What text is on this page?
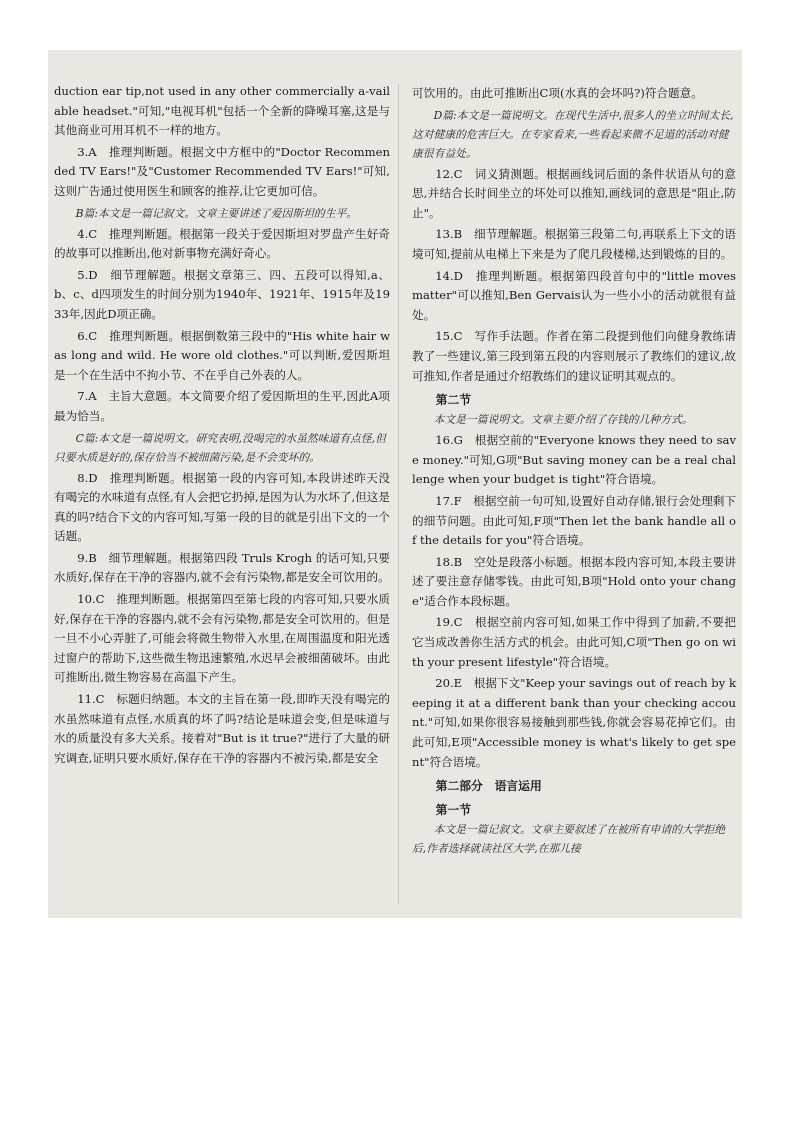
duction ear tip,not used in any other commercially a-vailable headset."可知,"电视耳机"包括一个全新的降噪耳塞,这是与其他商业可用耳机不一样的地方。
3.A　推理判断题。根据文中方框中的"Doctor Recommended TV Ears!"及"Customer Recommended TV Ears!"可知,这则广告通过使用医生和顾客的推荐,让它更加可信。
B篇:本文是一篇记叙文。文章主要讲述了爱因斯坦的生平。
4.C　推理判断题。根据第一段关于爱因斯坦对罗盘产生好奇的故事可以推断出,他对新事物充满好奇心。
5.D　细节理解题。根据文章第三、四、五段可以得知,a、b、c、d四项发生的时间分别为1940年、1921年、1915年及1933年,因此D项正确。
6.C　推理判断题。根据倒数第三段中的"His white hair was long and wild. He wore old clothes."可以判断,爱因斯坦是一个在生活中不拘小节、不在乎自己外表的人。
7.A　主旨大意题。本文简要介绍了爱因斯坦的生平,因此A项最为恰当。
C篇:本文是一篇说明文。研究表明,没喝完的水虽然味道有点怪,但只要水质是好的,保存恰当不被细菌污染,是不会变坏的。
8.D　推理判断题。根据第一段的内容可知,本段讲述昨天没有喝完的水味道有点怪,有人会把它扔掉,是因为认为水坏了,但这是真的吗?结合下文的内容可知,写第一段的目的就是引出下文的一个话题。
9.B　细节理解题。根据第四段 Truls Krogh 的话可知,只要水质好,保存在干净的容器内,就不会有污染物,都是安全可饮用的。
10.C　推理判断题。根据第四至第七段的内容可知,只要水质好,保存在干净的容器内,就不会有污染物,都是安全可饮用的。但是一旦不小心弄脏了,可能会将微生物带入水里,在周围温度和阳光透过窗户的帮助下,这些微生物迅速繁殖,水迟早会被细菌破坏。由此可推断出,微生物容易在高温下产生。
11.C　标题归纳题。本文的主旨在第一段,即昨天没有喝完的水虽然味道有点怪,水质真的坏了吗?结论是味道会变,但是味道与水的质量没有多大关系。接着对"But is it true?"进行了大量的研究调查,证明只要水质好,保存在干净的容器内不被污染,都是安全
可饮用的。由此可推断出C项(水真的会坏吗?)符合题意。
D篇:本文是一篇说明文。在现代生活中,很多人的坐立时间太长,这对健康的危害巨大。在专家看来,一些看起来微不足道的活动对健康很有益处。
12.C　词义猜测题。根据画线词后面的条件状语从句的意思,并结合长时间坐立的坏处可以推知,画线词的意思是"阻止,防止"。
13.B　细节理解题。根据第三段第二句,再联系上下文的语境可知,提前从电梯上下来是为了爬几段楼梯,达到锻炼的目的。
14.D　推理判断题。根据第四段首句中的"little moves matter"可以推知,Ben Gervais认为一些小小的活动就很有益处。
15.C　写作手法题。作者在第二段提到他们向健身教练请教了一些建议,第三段到第五段的内容则展示了教练们的建议,故可推知,作者是通过介绍教练们的建议证明其观点的。
第二节
本文是一篇说明文。文章主要介绍了存钱的几种方式。
16.G　根据空前的"Everyone knows they need to save money."可知,G项"But saving money can be a real challenge when your budget is tight"符合语境。
17.F　根据空前一句可知,设置好自动存储,银行会处理剩下的细节问题。由此可知,F项"Then let the bank handle all of the details for you"符合语境。
18.B　空处是段落小标题。根据本段内容可知,本段主要讲述了要注意存储零钱。由此可知,B项"Hold onto your change"适合作本段标题。
19.C　根据空前内容可知,如果工作中得到了加薪,不要把它当成改善你生活方式的机会。由此可知,C项"Then go on with your present lifestyle"符合语境。
20.E　根据下文"Keep your savings out of reach by keeping it at a different bank than your checking account."可知,如果你很容易接触到那些钱,你就会容易花掉它们。由此可知,E项"Accessible money is what's likely to get spent"符合语境。
第二部分　语言运用
第一节
本文是一篇记叙文。文章主要叙述了在被所有申请的大学拒绝后,作者选择就读社区大学,在那儿接
